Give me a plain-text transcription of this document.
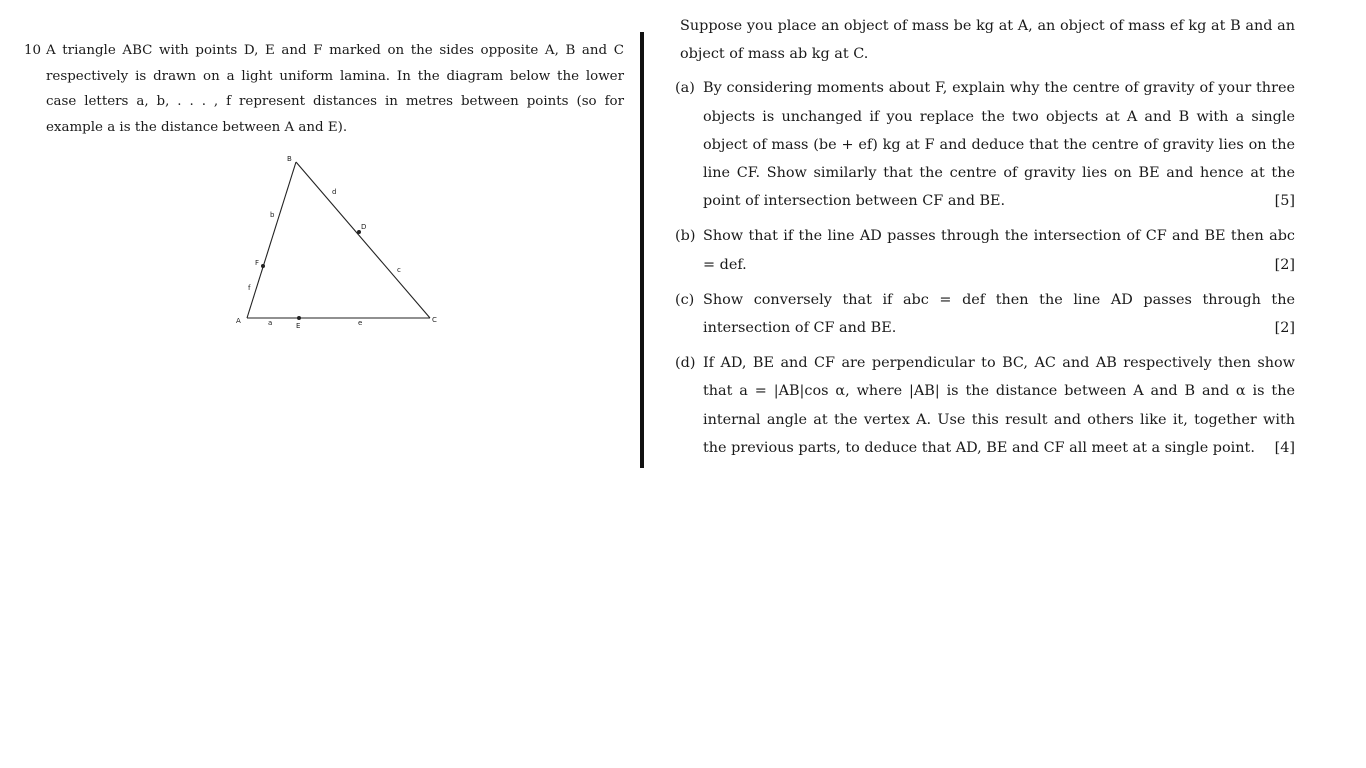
10 A triangle ABC with points D, E and F marked on the sides opposite A, B and C respectively is drawn on a light uniform lamina. In the diagram below the lower case letters a, b, . . . , f represent distances in metres between points (so for example a is the distance between A and E).
A
B
C
D
E
F
a
b
c
d
e
f
Suppose you place an object of mass be kg at A, an object of mass ef kg at B and an object of mass ab kg at C.
(a) By considering moments about F, explain why the centre of gravity of your three objects is unchanged if you replace the two objects at A and B with a single object of mass (be + ef) kg at F and deduce that the centre of gravity lies on the line CF. Show similarly that the centre of gravity lies on BE and hence at the point of intersection between CF and BE.	[5]
(b) Show that if the line AD passes through the intersection of CF and BE then abc = def.	[2]
(c) Show conversely that if abc = def then the line AD passes through the intersection of CF and BE.	[2]
(d) If AD, BE and CF are perpendicular to BC, AC and AB respectively then show that a = |AB|cos α, where |AB| is the distance between A and B and α is the internal angle at the vertex A. Use this result and others like it, together with the previous parts, to deduce that AD, BE and CF all meet at a single point. [4]
